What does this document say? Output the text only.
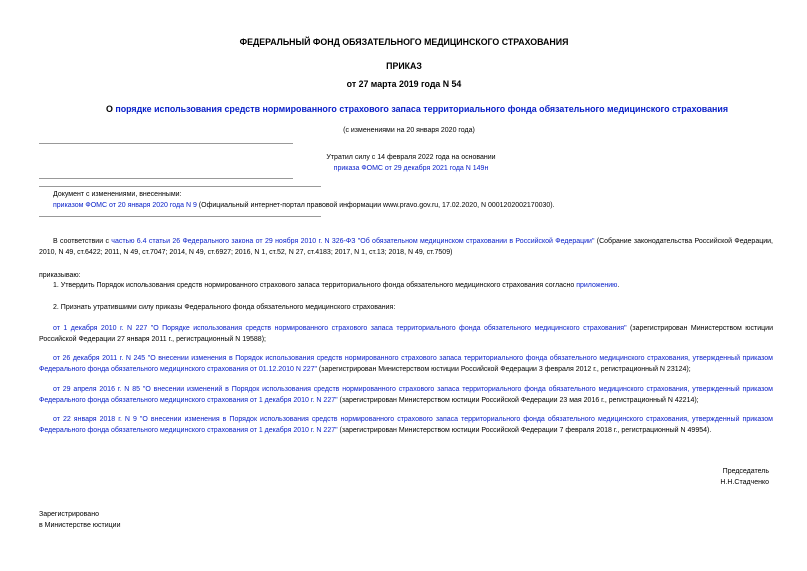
ФЕДЕРАЛЬНЫЙ ФОНД ОБЯЗАТЕЛЬНОГО МЕДИЦИНСКОГО СТРАХОВАНИЯ
ПРИКАЗ
от 27 марта 2019 года N 54
О порядке использования средств нормированного страхового запаса территориального фонда обязательного медицинского страхования
(с изменениями на 20 января 2020 года)
Утратил силу с 14 февраля 2022 года на основании
приказа ФОМС от 29 декабря 2021 года N 149н
Документ с изменениями, внесенными:
приказом ФОМС от 20 января 2020 года N 9 (Официальный интернет-портал правовой информации www.pravo.gov.ru, 17.02.2020, N 0001202002170030).
В соответствии с частью 6.4 статьи 26 Федерального закона от 29 ноября 2010 г. N 326-ФЗ "Об обязательном медицинском страховании в Российской Федерации" (Собрание законодательства Российской Федерации, 2010, N 49, ст.6422; 2011, N 49, ст.7047; 2014, N 49, ст.6927; 2016, N 1, ст.52, N 27, ст.4183; 2017, N 1, ст.13; 2018, N 49, ст.7509)
приказываю:
1. Утвердить Порядок использования средств нормированного страхового запаса территориального фонда обязательного медицинского страхования согласно приложению.
2. Признать утратившими силу приказы Федерального фонда обязательного медицинского страхования:
от 1 декабря 2010 г. N 227 "О Порядке использования средств нормированного страхового запаса территориального фонда обязательного медицинского страхования" (зарегистрирован Министерством юстиции Российской Федерации 27 января 2011 г., регистрационный N 19588);
от 26 декабря 2011 г. N 245 "О внесении изменения в Порядок использования средств нормированного страхового запаса территориального фонда обязательного медицинского страхования, утвержденный приказом Федерального фонда обязательного медицинского страхования от 01.12.2010 N 227" (зарегистрирован Министерством юстиции Российской Федерации 3 февраля 2012 г., регистрационный N 23124);
от 29 апреля 2016 г. N 85 "О внесении изменений в Порядок использования средств нормированного страхового запаса территориального фонда обязательного медицинского страхования, утвержденный приказом Федерального фонда обязательного медицинского страхования от 1 декабря 2010 г. N 227" (зарегистрирован Министерством юстиции Российской Федерации 23 мая 2016 г., регистрационный N 42214);
от 22 января 2018 г. N 9 "О внесении изменения в Порядок использования средств нормированного страхового запаса территориального фонда обязательного медицинского страхования, утвержденный приказом Федерального фонда обязательного медицинского страхования от 1 декабря 2010 г. N 227" (зарегистрирован Министерством юстиции Российской Федерации 7 февраля 2018 г., регистрационный N 49954).
Председатель
Н.Н.Стадченко
Зарегистрировано
в Министерстве юстиции
